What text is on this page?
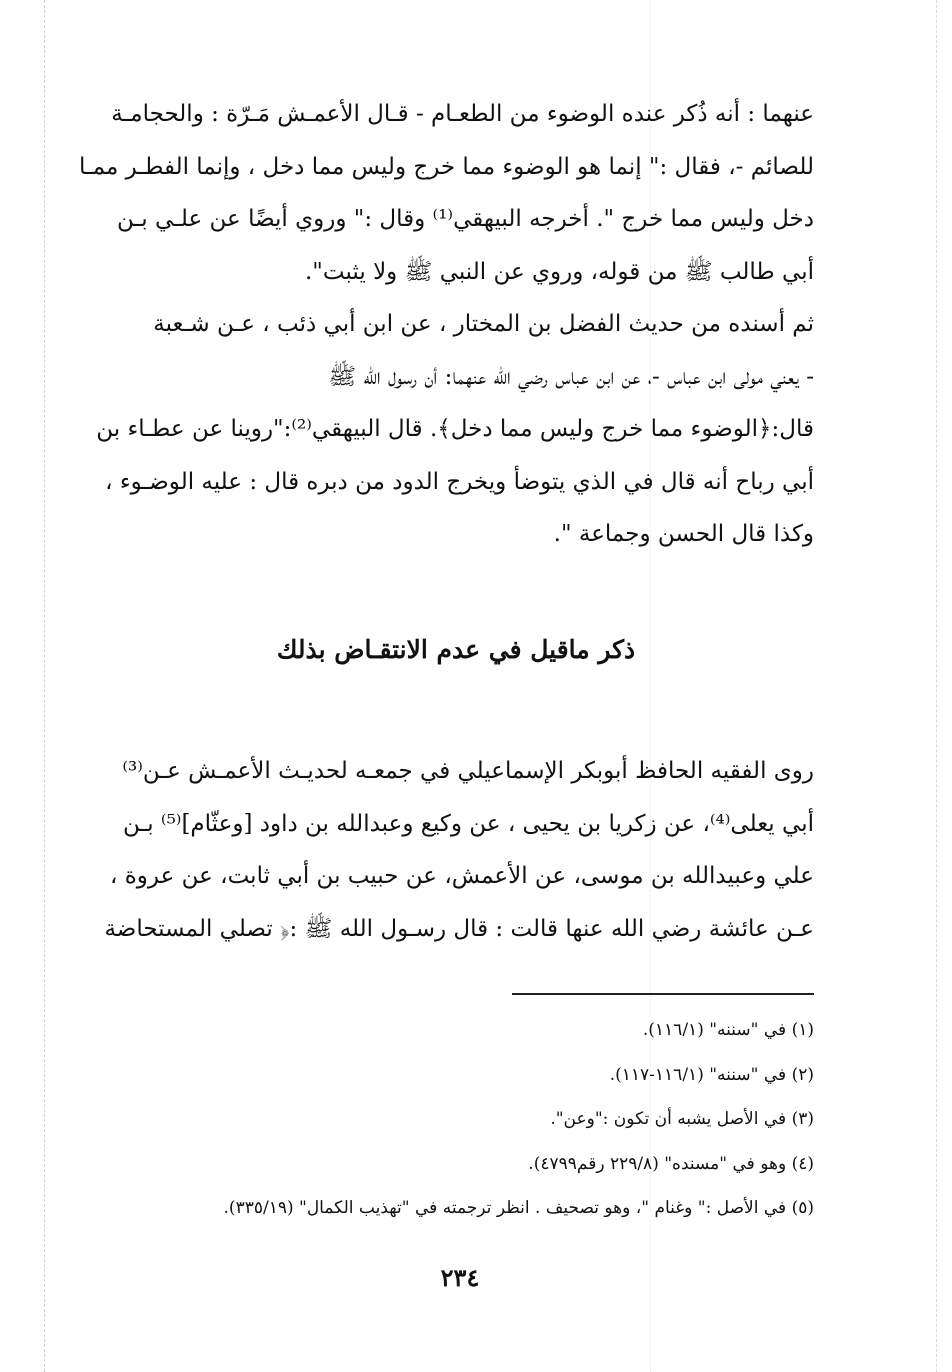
عنهما : أنه ذُكر عنده الوضوء من الطعـام - قـال الأعمـش مَـرّة : والحجامـة
للصائم -، فقال :" إنما هو الوضوء مما خرج وليس مما دخل ، وإنما الفطـر ممـا
دخل وليس مما خرج ". أخرجه البيهقي⁽¹⁾ وقال :" وروي أيضًا عن علـي بـن
أبي طالب ﷺ من قوله، وروي عن النبي ﷺ ولا يثبت".
ثم أسنده من حديث الفضل بن المختار ، عن ابن أبي ذئب ، عـن شـعبة
- يعني مولى ابن عباس -، عن ابن عباس رضي الله عنهما: أن رسول الله ﷺ
قال:﴿الوضوء مما خرج وليس مما دخل﴾. قال البيهقي⁽²⁾:"روينا عن عطـاء بن
أبي رباح أنه قال في الذي يتوضأ ويخرج الدود من دبره قال : عليه الوضـوء ،
وكذا قال الحسن وجماعة ".
ذكر ماقيل في عدم الانتقـاض بذلك
روى الفقيه الحافظ أبوبكر الإسماعيلي في جمعـه لحديـث الأعمـش عـن⁽³⁾
أبي يعلى⁽⁴⁾، عن زكريا بن يحيى ، عن وكيع وعبدالله بن داود [وعثّام]⁽⁵⁾ بـن
علي وعبيدالله بن موسى، عن الأعمش، عن حبيب بن أبي ثابت، عن عروة ،
عـن عائشة رضي الله عنها قالت : قال رسـول الله ﷺ :﴿ تصلي المستحاضة
(١) في "سننه" (١١٦/١).
(٢) في "سننه" (١١٦/١-١١٧).
(٣) في الأصل يشبه أن تكون :"وعن".
(٤) وهو في "مسنده" (٢٢٩/٨ رقم٤٧٩٩).
(٥) في الأصل :" وغنام "، وهو تصحيف . انظر ترجمته في "تهذيب الكمال" (٣٣٥/١٩).
٢٣٤
